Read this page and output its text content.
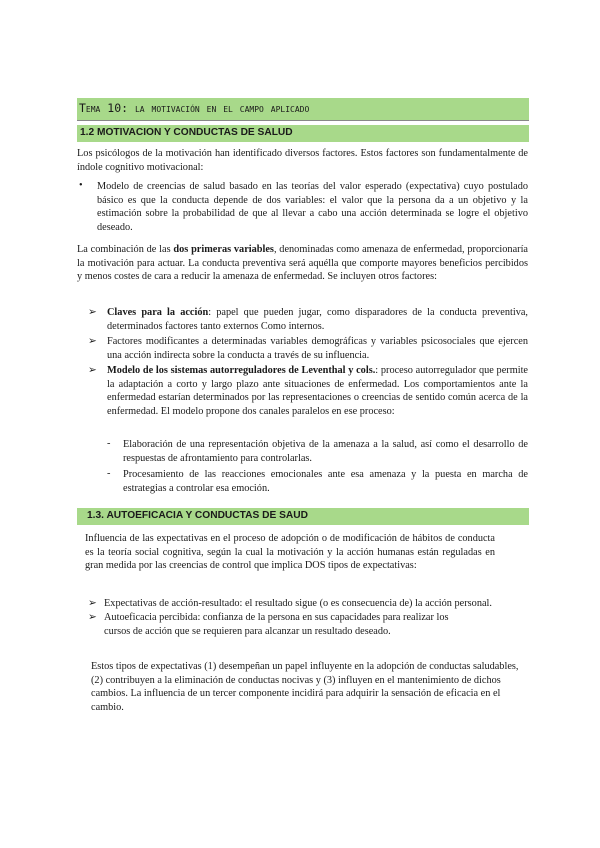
Tema 10: la motivación en el campo aplicado
1.2 MOTIVACION Y CONDUCTAS DE SALUD

Los psicólogos de la motivación han identificado diversos factores. Estos factores son fundamentalmente de índole cognitivo motivacional:

• Modelo de creencias de salud basado en las teorías del valor esperado (expectativa) cuyo postulado básico es que la conducta depende de dos variables: el valor que la persona da a un objetivo y la estimación sobre la probabilidad de que al llevar a cabo una acción determinada se logre el objetivo deseado.

La combinación de las dos primeras variables, denominadas como amenaza de enfermedad, proporcionaría la motivación para actuar. La conducta preventiva será aquélla que comporte mayores beneficios percibidos y menos costes de cara a reducir la amenaza de enfermedad. Se incluyen otros factores:

➢ Claves para la acción: papel que pueden jugar, como disparadores de la conducta preventiva, determinados factores tanto externos Como internos.

➢ Factores modificantes a determinadas variables demográficas y variables psicosociales que ejercen una acción indirecta sobre la conducta a través de su influencia.

➢ Modelo de los sistemas autorreguladores de Leventhal y cols.: proceso autorregulador que permite la adaptación a corto y largo plazo ante situaciones de enfermedad. Los comportamientos ante la enfermedad estarían determinados por las representaciones o creencias de sentido común acerca de la enfermedad. El modelo propone dos canales paralelos en ese proceso:

- Elaboración de una representación objetiva de la amenaza a la salud, así como el desarrollo de respuestas de afrontamiento para controlarlas.

- Procesamiento de las reacciones emocionales ante esa amenaza y la puesta en marcha de estrategias a controlar esa emoción.

1.3. AUTOEFICACIA Y CONDUCTAS DE SAUD

Influencia de las expectativas en el proceso de adopción o de modificación de hábitos de conducta es la teoría social cognitiva, según la cual la motivación y la acción humanas están reguladas en gran medida por las creencias de control que implica DOS tipos de expectativas:

➢ Expectativas de acción-resultado: el resultado sigue (o es consecuencia de) la acción personal.

➢ Autoeficacia percibida: confianza de la persona en sus capacidades para realizar los cursos de acción que se requieren para alcanzar un resultado deseado.

Estos tipos de expectativas (1) desempeñan un papel influyente en la adopción de conductas saludables, (2) contribuyen a la eliminación de conductas nocivas y (3) influyen en el mantenimiento de dichos cambios. La influencia de un tercer componente incidirá para adquirir la sensación de eficacia en el cambio.
